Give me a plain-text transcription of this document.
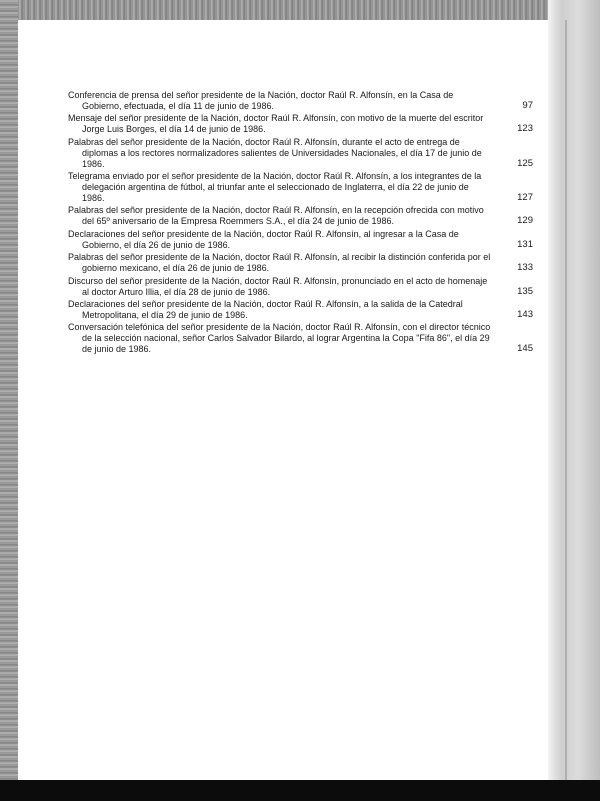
Conferencia de prensa del señor presidente de la Nación, doctor Raúl R. Alfonsín, en la Casa de Gobierno, efectuada, el día 11 de junio de 1986.	97
Mensaje del señor presidente de la Nación, doctor Raúl R. Alfonsín, con motivo de la muerte del escritor Jorge Luis Borges, el día 14 de junio de 1986.	123
Palabras del señor presidente de la Nación, doctor Raúl R. Alfonsín, durante el acto de entrega de diplomas a los rectores normalizadores salientes de Universidades Nacionales, el día 17 de junio de 1986.	125
Telegrama enviado por el señor presidente de la Nación, doctor Raúl R. Alfonsín, a los integrantes de la delegación argentina de fútbol, al triunfar ante el seleccionado de Inglaterra, el día 22 de junio de 1986.	127
Palabras del señor presidente de la Nación, doctor Raúl R. Alfonsín, en la recepción ofrecida con motivo del 65º aniversario de la Empresa Roemmers S.A., el día 24 de junio de 1986.	129
Declaraciones del señor presidente de la Nación, doctor Raúl R. Alfonsín, al ingresar a la Casa de Gobierno, el día 26 de junio de 1986.	131
Palabras del señor presidente de la Nación, doctor Raúl R. Alfonsín, al recibir la distinción conferida por el gobierno mexicano, el día 26 de junio de 1986.	133
Discurso del señor presidente de la Nación, doctor Raúl R. Alfonsín, pronunciado en el acto de homenaje al doctor Arturo Illia, el día 28 de junio de 1986.	135
Declaraciones del señor presidente de la Nación, doctor Raúl R. Alfonsín, a la salida de la Catedral Metropolitana, el día 29 de junio de 1986.	143
Conversación telefónica del señor presidente de la Nación, doctor Raúl R. Alfonsín, con el director técnico de la selección nacional, señor Carlos Salvador Bilardo, al lograr Argentina la Copa "Fifa 86", el día 29 de junio de 1986.	145
